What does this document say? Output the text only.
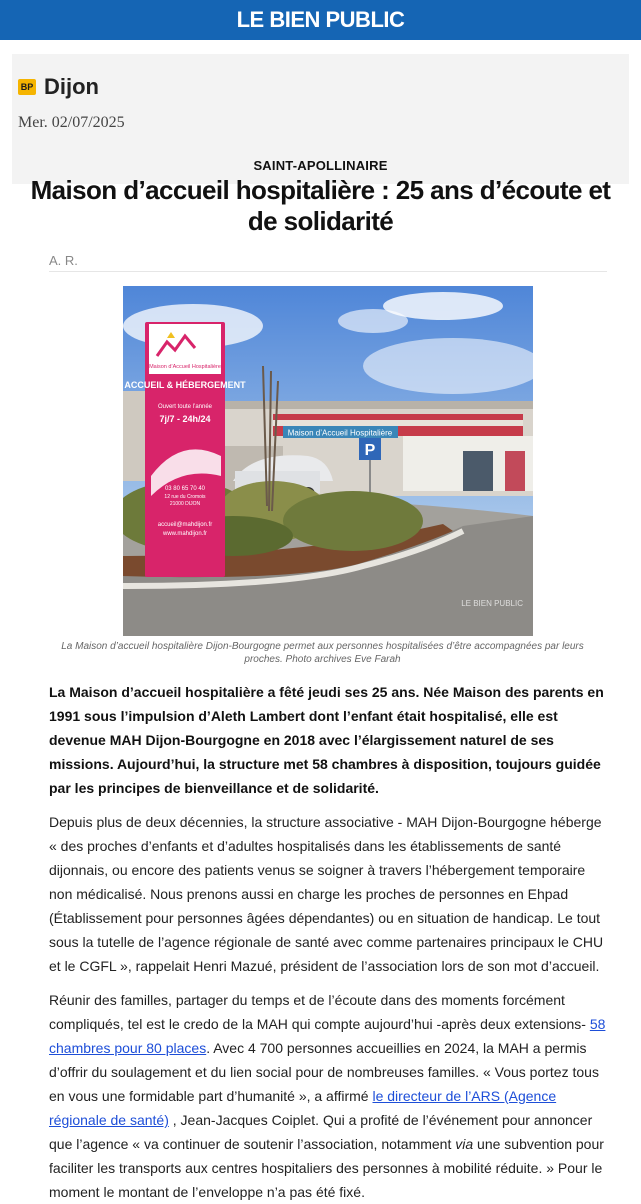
LE BIEN PUBLIC
BP Dijon
Mer. 02/07/2025
SAINT-APOLLINAIRE
Maison d’accueil hospitalière : 25 ans d’écoute et de solidarité
A. R.
Maison d’Accueil Hospitalière
P
Maison d’Accueil Hospitalière
ACCUEIL & HÉBERGEMENT
Ouvert toute l’année
7j/7 - 24h/24
03 80 65 70 40
12 rue du Cromois
21000 DIJON
accueil@mahdijon.fr
www.mahdijon.fr
LE BIEN PUBLIC
La Maison d’accueil hospitalière Dijon-Bourgogne permet aux personnes hospitalisées d’être accompagnées par leurs proches. Photo archives Eve Farah
La Maison d’accueil hospitalière a fêté jeudi ses 25 ans. Née Maison des parents en 1991 sous l’impulsion d’Aleth Lambert dont l’enfant était hospitalisé, elle est devenue MAH Dijon-Bourgogne en 2018 avec l’élargissement naturel de ses missions. Aujourd’hui, la structure met 58 chambres à disposition, toujours guidée par les principes de bienveillance et de solidarité.
Depuis plus de deux décennies, la structure associative - MAH Dijon-Bourgogne héberge « des proches d’enfants et d’adultes hospitalisés dans les établissements de santé dijonnais, ou encore des patients venus se soigner à travers l’hébergement temporaire non médicalisé. Nous prenons aussi en charge les proches de personnes en Ehpad (Établissement pour personnes âgées dépendantes) ou en situation de handicap. Le tout sous la tutelle de l’agence régionale de santé avec comme partenaires principaux le CHU et le CGFL », rappelait Henri Mazué, président de l’association lors de son mot d’accueil.
Réunir des familles, partager du temps et de l’écoute dans des moments forcément compliqués, tel est le credo de la MAH qui compte aujourd’hui -après deux extensions- 58 chambres pour 80 places. Avec 4 700 personnes accueillies en 2024, la MAH a permis d’offrir du soulagement et du lien social pour de nombreuses familles. « Vous portez tous en vous une formidable part d’humanité », a affirmé le directeur de l’ARS (Agence régionale de santé) , Jean-Jacques Coiplet. Qui a profité de l’événement pour annoncer que l’agence « va continuer de soutenir l’association, notamment via une subvention pour faciliter les transports aux centres hospitaliers des personnes à mobilité réduite. » Pour le moment le montant de l’enveloppe n’a pas été fixé.
